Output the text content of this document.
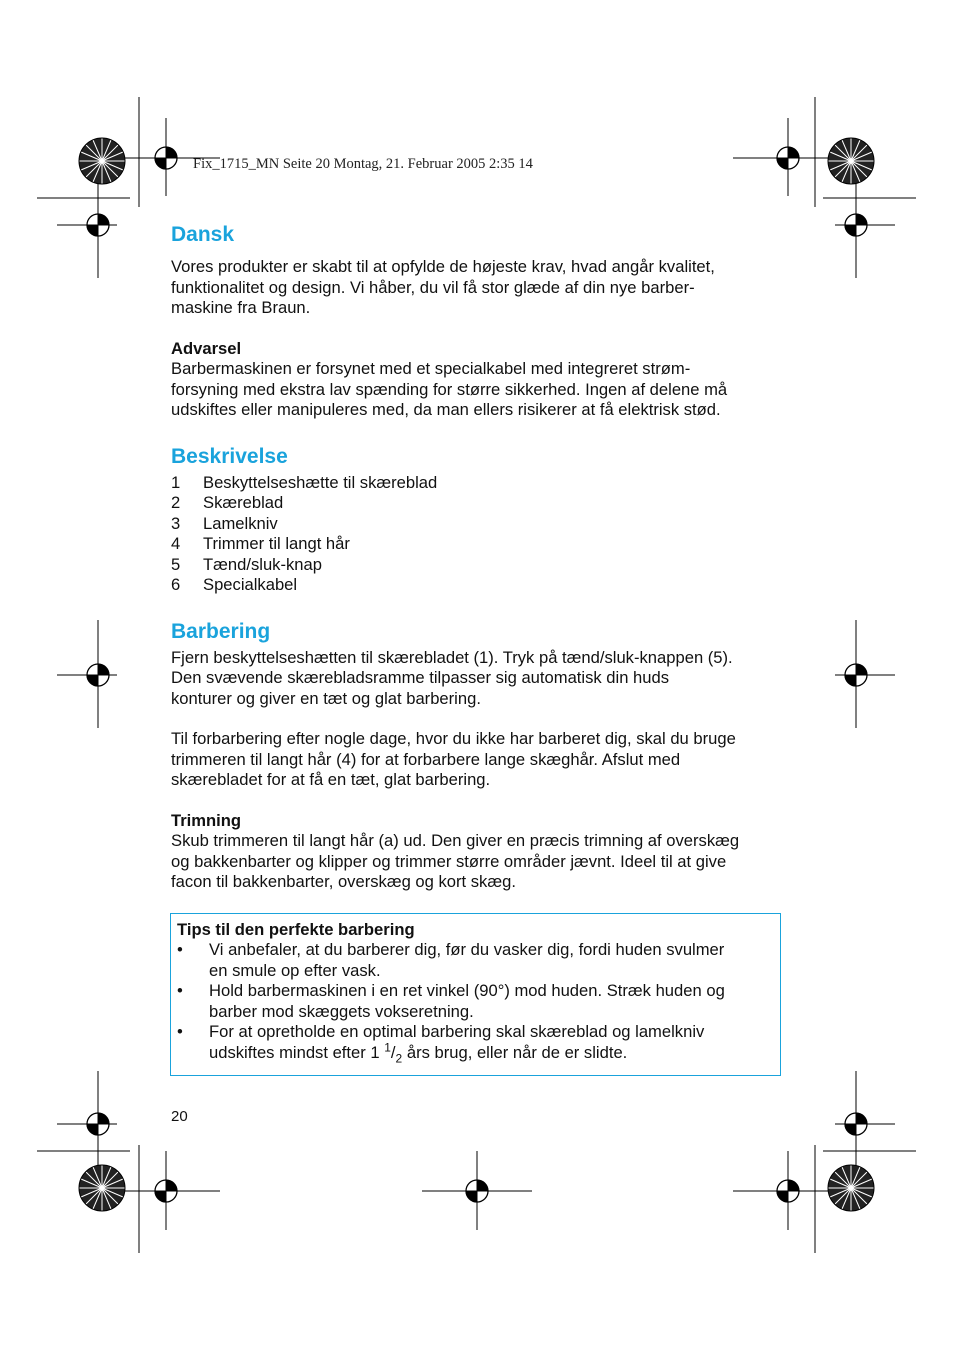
Fix_1715_MN Seite 20 Montag, 21. Februar 2005 2:35 14
Dansk

Vores produkter er skabt til at opfylde de højeste krav, hvad angår kvalitet,
funktionalitet og design. Vi håber, du vil få stor glæde af din nye barber-
maskine fra Braun.

Advarsel

Barbermaskinen er forsynet med et specialkabel med integreret strøm-
forsyning med ekstra lav spænding for større sikkerhed. Ingen af delene må
udskiftes eller manipuleres med, da man ellers risikerer at få elektrisk stød.

Beskrivelse
1	Beskyttelseshætte til skæreblad
2	Skæreblad
3	Lamelkniv
4	Trimmer til langt hår
5	Tænd/sluk-knap
6	Specialkabel
Barbering

Fjern beskyttelseshætten til skærebladet (1). Tryk på tænd/sluk-knappen (5).
Den svævende skærebladsramme tilpasser sig automatisk din huds
konturer og giver en tæt og glat barbering.

Til forbarbering efter nogle dage, hvor du ikke har barberet dig, skal du bruge
trimmeren til langt hår (4) for at forbarbere lange skæghår. Afslut med
skærebladet for at få en tæt, glat barbering.

Trimning

Skub trimmeren til langt hår (a) ud. Den giver en præcis trimning af overskæg
og bakkenbarter og klipper og trimmer større områder jævnt. Ideel til at give
facon til bakkenbarter, overskæg og kort skæg.

Tips til den perfekte barbering
•	Vi anbefaler, at du barberer dig, før du vasker dig, fordi huden svulmer
en smule op efter vask.
•	Hold barbermaskinen i en ret vinkel (90°) mod huden. Stræk huden og
barber mod skæggets vokseretning.
•	For at opretholde en optimal barbering skal skæreblad og lamelkniv
udskiftes mindst efter 1 $^1/_2$ års brug, eller når de er slidte.
20
